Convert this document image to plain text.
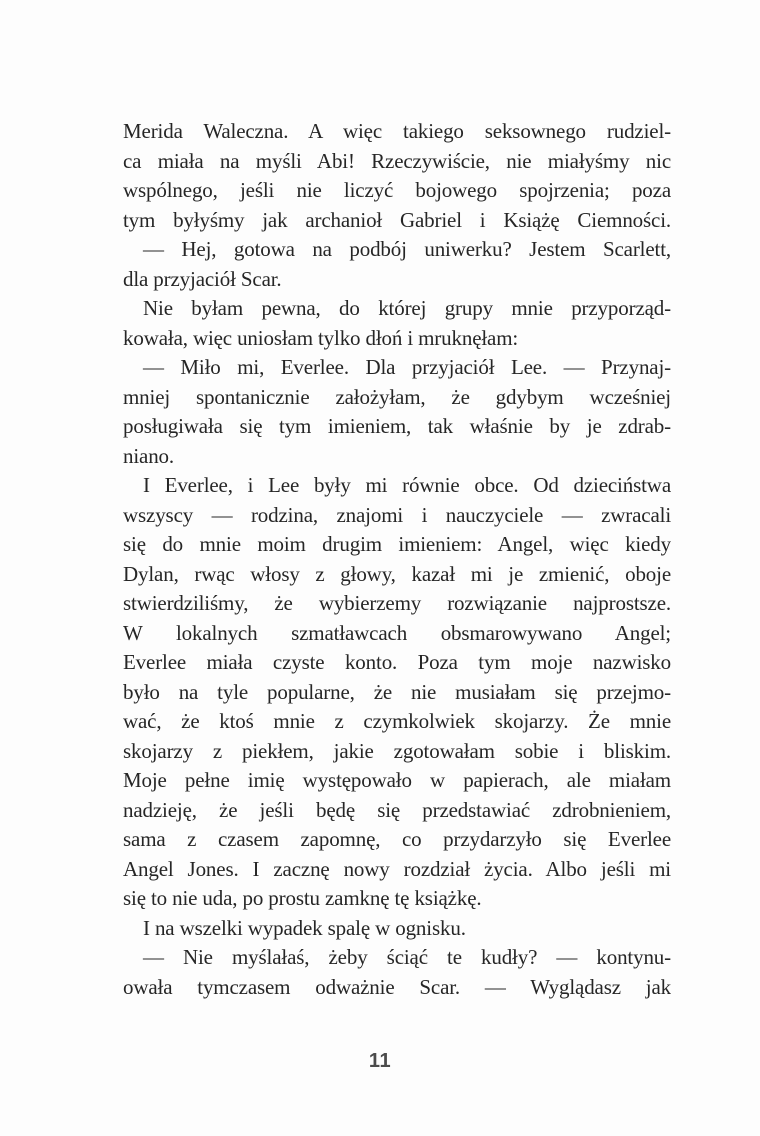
Merida Waleczna. A więc takiego seksownego rudziel-
ca miała na myśli Abi! Rzeczywiście, nie miałyśmy nic
wspólnego, jeśli nie liczyć bojowego spojrzenia; poza
tym byłyśmy jak archanioł Gabriel i Książę Ciemności.
— Hej, gotowa na podbój uniwerku? Jestem Scarlett,
dla przyjaciół Scar.
Nie byłam pewna, do której grupy mnie przyporząd-
kowała, więc uniosłam tylko dłoń i mruknęłam:
— Miło mi, Everlee. Dla przyjaciół Lee. — Przynaj-
mniej spontanicznie założyłam, że gdybym wcześniej
posługiwała się tym imieniem, tak właśnie by je zdrab-
niano.
I Everlee, i Lee były mi równie obce. Od dzieciństwa
wszyscy — rodzina, znajomi i nauczyciele — zwracali
się do mnie moim drugim imieniem: Angel, więc kiedy
Dylan, rwąc włosy z głowy, kazał mi je zmienić, oboje
stwierdziliśmy, że wybierzemy rozwiązanie najprostsze.
W lokalnych szmatławcach obsmarowywano Angel;
Everlee miała czyste konto. Poza tym moje nazwisko
było na tyle popularne, że nie musiałam się przejmo-
wać, że ktoś mnie z czymkolwiek skojarzy. Że mnie
skojarzy z piekłem, jakie zgotowałam sobie i bliskim.
Moje pełne imię występowało w papierach, ale miałam
nadzieję, że jeśli będę się przedstawiać zdrobnieniem,
sama z czasem zapomnę, co przydarzyło się Everlee
Angel Jones. I zacznę nowy rozdział życia. Albo jeśli mi
się to nie uda, po prostu zamknę tę książkę.
I na wszelki wypadek spalę w ognisku.
— Nie myślałaś, żeby ściąć te kudły? — kontynu-
owała tymczasem odważnie Scar. — Wyglądasz jak
11
